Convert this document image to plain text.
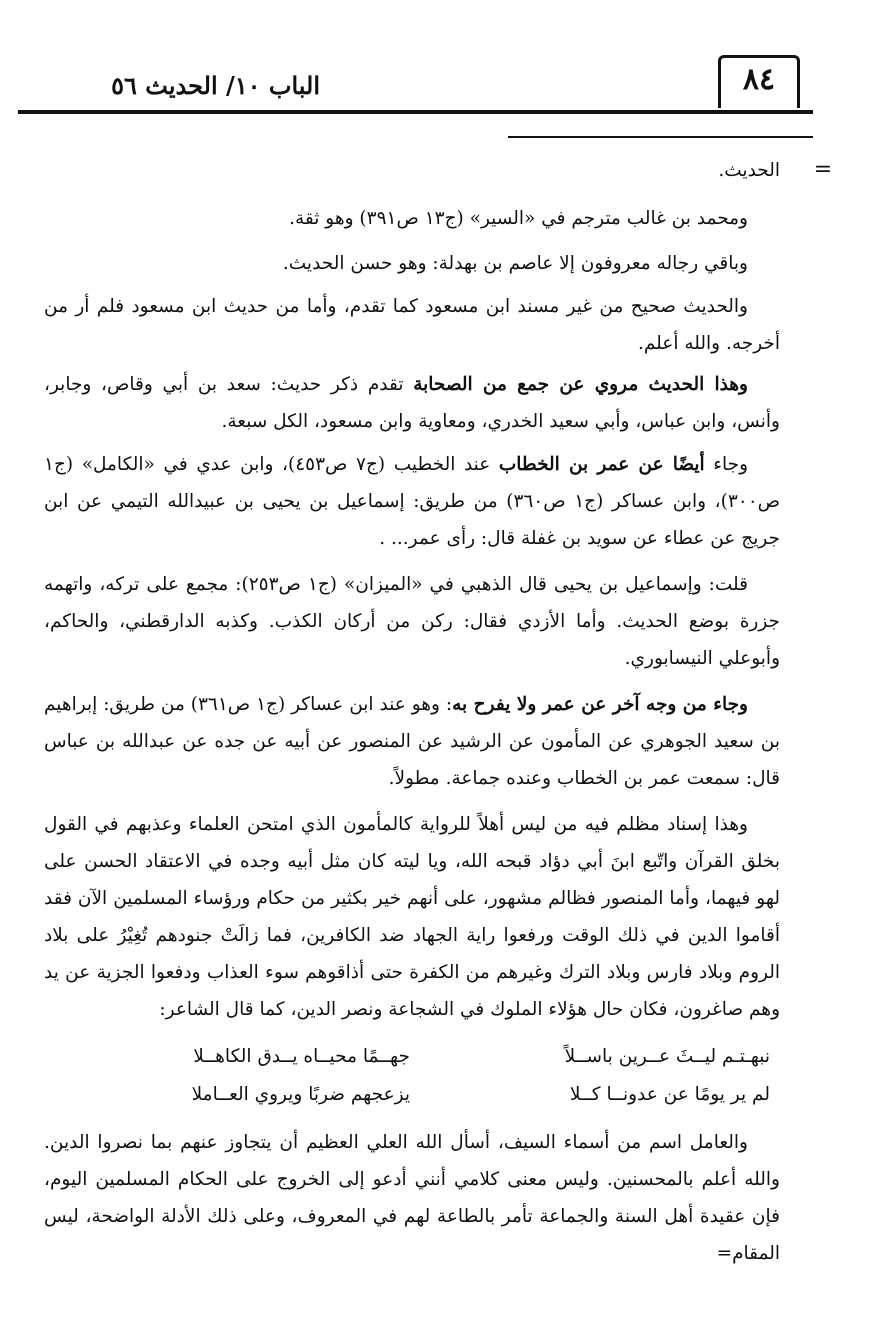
الباب ١٠/ الحديث ٥٦	٨٤
=

الحديث.

ومحمد بن غالب مترجم في «السير» (ج١٣ ص٣٩١) وهو ثقة.

وباقي رجاله معروفون إلا عاصم بن بهدلة: وهو حسن الحديث.

والحديث صحيح من غير مسند ابن مسعود كما تقدم، وأما من حديث ابن مسعود فلم أر من أخرجه. والله أعلم.

وهذا الحديث مروي عن جمع من الصحابة تقدم ذكر حديث: سعد بن أبي وقاص، وجابر، وأنس، وابن عباس، وأبي سعيد الخدري، ومعاوية وابن مسعود، الكل سبعة.

وجاء أيضًا عن عمر بن الخطاب عند الخطيب (ج٧ ص٤٥٣)، وابن عدي في «الكامل» (ج١ ص٣٠٠)، وابن عساكر (ج١ ص٣٦٠) من طريق: إسماعيل بن يحيى بن عبيدالله التيمي عن ابن جريج عن عطاء عن سويد بن غفلة قال: رأى عمر... .

قلت: وإسماعيل بن يحيى قال الذهبي في «الميزان» (ج١ ص٢٥٣): مجمع على تركه، واتهمه جزرة بوضع الحديث. وأما الأزدي فقال: ركن من أركان الكذب. وكذبه الدارقطني، والحاكم، وأبوعلي النيسابوري.

وجاء من وجه آخر عن عمر ولا يفرح به: وهو عند ابن عساكر (ج١ ص٣٦١) من طريق: إبراهيم بن سعيد الجوهري عن المأمون عن الرشيد عن المنصور عن أبيه عن جده عن عبدالله بن عباس قال: سمعت عمر بن الخطاب وعنده جماعة. مطولاً.

وهذا إسناد مظلم فيه من ليس أهلاً للرواية كالمأمون الذي امتحن العلماء وعذبهم في القول بخلق القرآن واتّبع ابنَ أبي دؤاد قبحه الله، ويا ليته كان مثل أبيه وجده في الاعتقاد الحسن على لهو فيهما، وأما المنصور فظالم مشهور، على أنهم خير بكثير من حكام ورؤساء المسلمين الآن فقد أقاموا الدين في ذلك الوقت ورفعوا راية الجهاد ضد الكافرين، فما زالَتْ جنودهم تُغِيْرُ على بلاد الروم وبلاد فارس وبلاد الترك وغيرهم من الكفرة حتى أذاقوهم سوء العذاب ودفعوا الجزية عن يد وهم صاغرون، فكان حال هؤلاء الملوك في الشجاعة ونصر الدين، كما قال الشاعر:

نبهـتـم ليــثَ عــرين باســلاً
جهــمًا محيــاه يــدق الكاهــلا
لم ير يومًا عن عدونــا كــلا
يزعجهم ضربًا ويروي العــاملا

والعامل اسم من أسماء السيف، أسأل الله العلي العظيم أن يتجاوز عنهم بما نصروا الدين. والله أعلم بالمحسنين. وليس معنى كلامي أنني أدعو إلى الخروج على الحكام المسلمين اليوم، فإن عقيدة أهل السنة والجماعة تأمر بالطاعة لهم في المعروف، وعلى ذلك الأدلة الواضحة، ليس المقام=
